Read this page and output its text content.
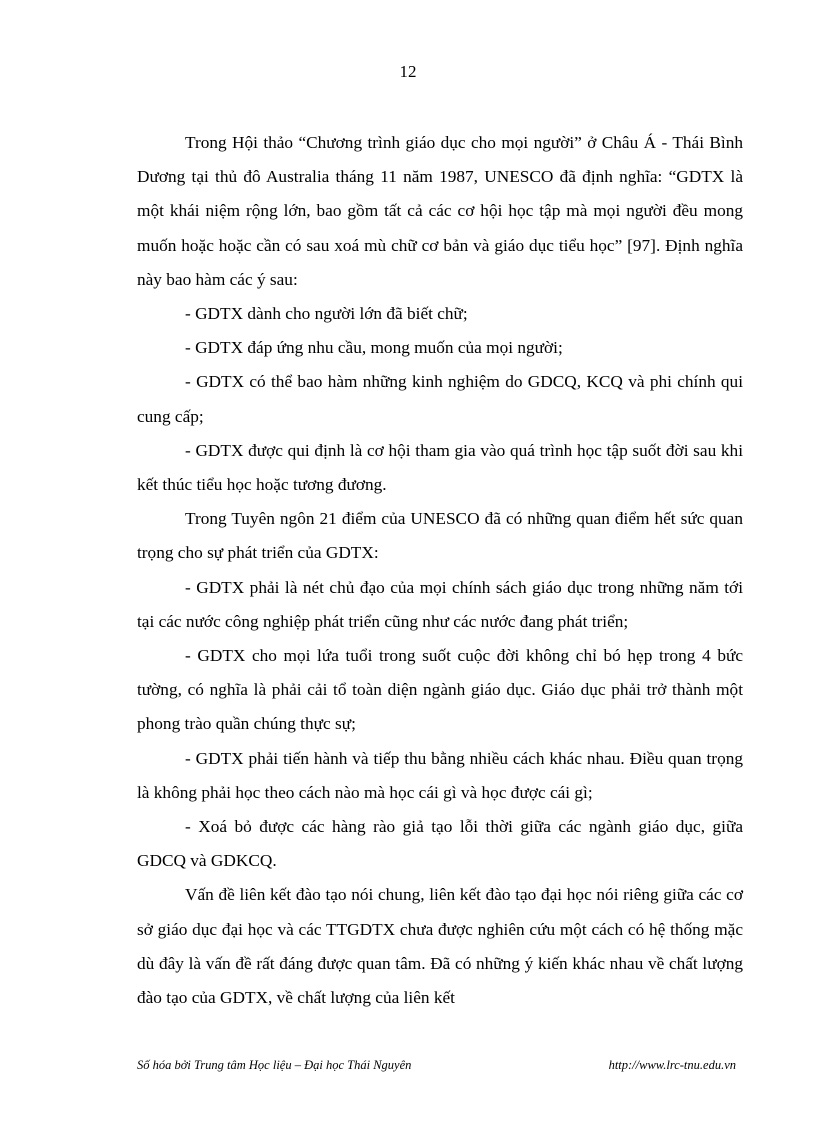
12

Trong Hội thảo “Chương trình giáo dục cho mọi người” ở Châu Á - Thái Bình Dương tại thủ đô Australia tháng 11 năm 1987, UNESCO đã định nghĩa: “GDTX là một khái niệm rộng lớn, bao gồm tất cả các cơ hội học tập mà mọi người đều mong muốn hoặc hoặc cần có sau xoá mù chữ cơ bản và giáo dục tiểu học” [97]. Định nghĩa này bao hàm các ý sau:

- GDTX dành cho người lớn đã biết chữ;

- GDTX đáp ứng nhu cầu, mong muốn của mọi người;

- GDTX có thể bao hàm những kinh nghiệm do GDCQ, KCQ và phi chính qui cung cấp;

- GDTX được qui định là cơ hội tham gia vào quá trình học tập suốt đời sau khi kết thúc tiểu học hoặc tương đương.

Trong Tuyên ngôn 21 điểm của UNESCO đã có những quan điểm hết sức quan trọng cho sự phát triển của GDTX:

- GDTX phải là nét chủ đạo của mọi chính sách giáo dục trong những năm tới tại các nước công nghiệp phát triển cũng như các nước đang phát triển;

- GDTX cho mọi lứa tuổi trong suốt cuộc đời không chỉ bó hẹp trong 4 bức tường, có nghĩa là phải cải tổ toàn diện ngành giáo dục. Giáo dục phải trở thành một phong trào quần chúng thực sự;

- GDTX phải tiến hành và tiếp thu bằng nhiều cách khác nhau. Điều quan trọng là không phải học theo cách nào mà học cái gì và học được cái gì;

- Xoá bỏ được các hàng rào giả tạo lỗi thời giữa các ngành giáo dục, giữa GDCQ và GDKCQ.

Vấn đề liên kết đào tạo nói chung, liên kết đào tạo đại học nói riêng giữa các cơ sở giáo dục đại học và các TTGDTX chưa được nghiên cứu một cách có hệ thống mặc dù đây là vấn đề rất đáng được quan tâm. Đã có những ý kiến khác nhau về chất lượng đào tạo của GDTX, về chất lượng của liên kết

Số hóa bởi Trung tâm Học liệu – Đại học Thái Nguyên	http://www.lrc-tnu.edu.vn
